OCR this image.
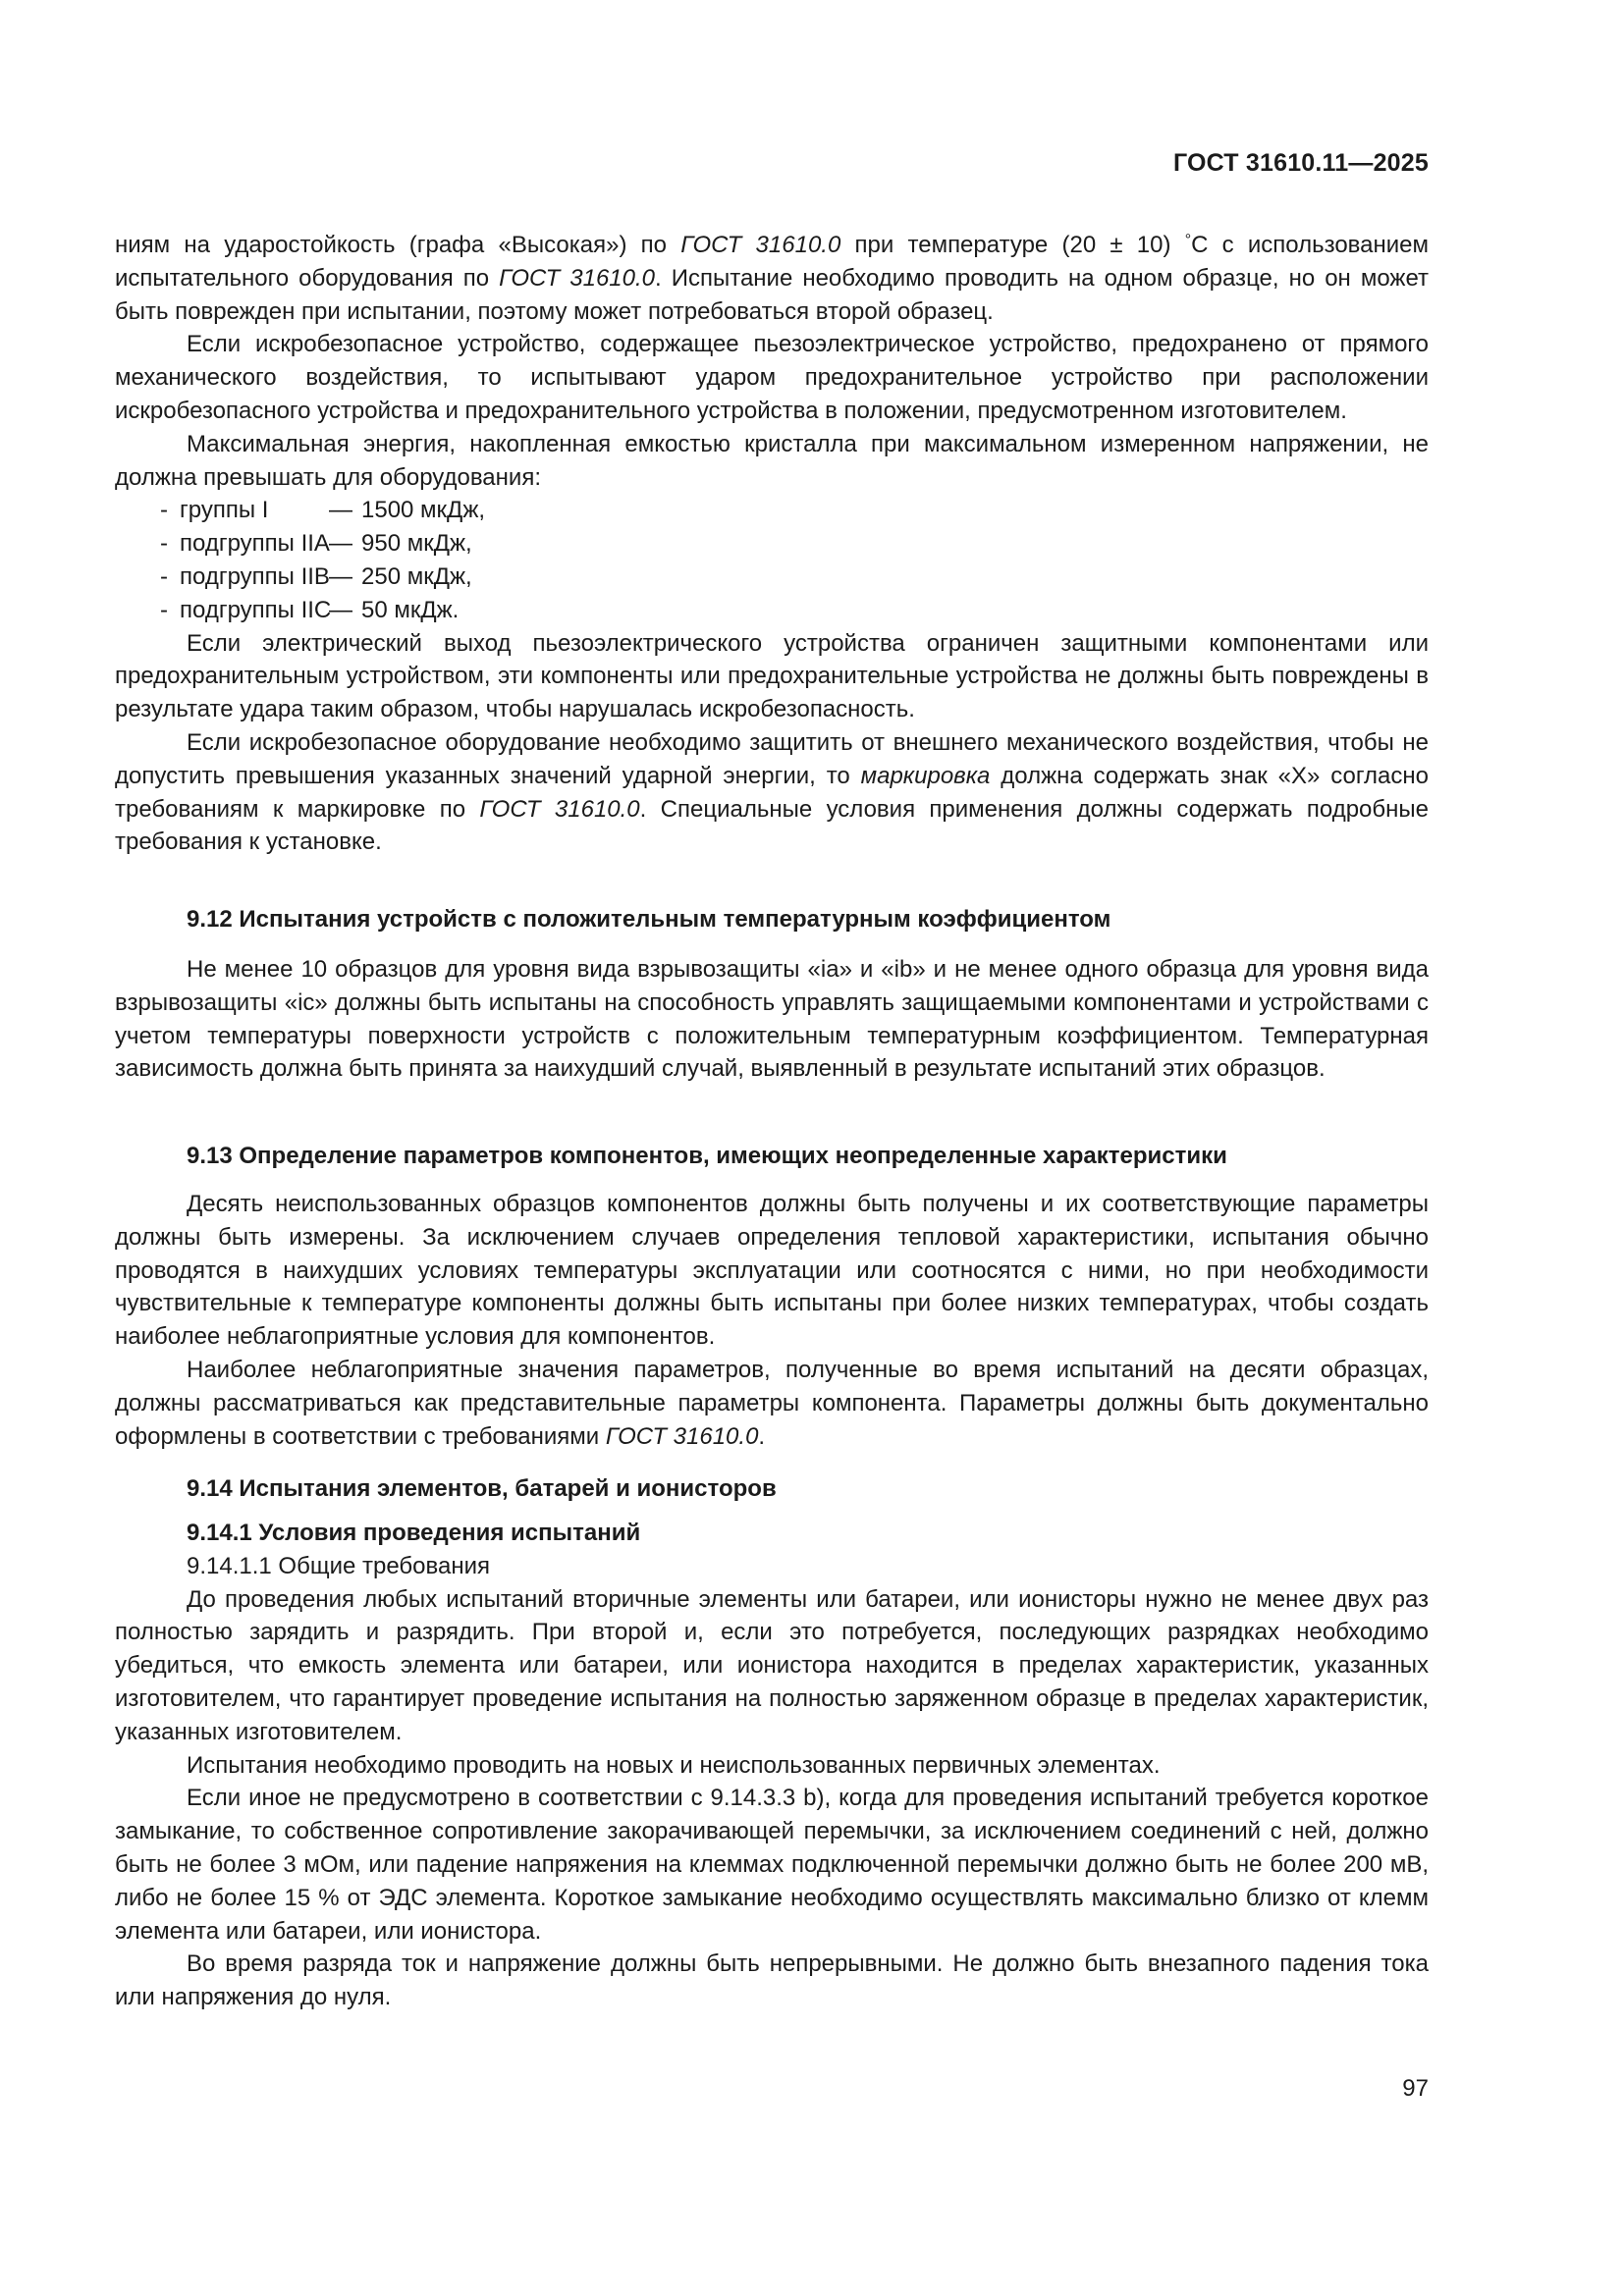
ГОСТ 31610.11—2025

ниям на ударостойкость (графа «Высокая») по ГОСТ 31610.0 при температуре (20 ± 10) °С с использованием испытательного оборудования по ГОСТ 31610.0. Испытание необходимо проводить на одном образце, но он может быть поврежден при испытании, поэтому может потребоваться второй образец.

Если искробезопасное устройство, содержащее пьезоэлектрическое устройство, предохранено от прямого механического воздействия, то испытывают ударом предохранительное устройство при расположении искробезопасного устройства и предохранительного устройства в положении, предусмотренном изготовителем.

Максимальная энергия, накопленная емкостью кристалла при максимальном измеренном напряжении, не должна превышать для оборудования:

- группы I	— 1500 мкДж,
- подгруппы IIA — 950 мкДж,
- подгруппы IIB — 250 мкДж,
- подгруппы IIC
— 50 мкДж.

Если электрический выход пьезоэлектрического устройства ограничен защитными компонентами или предохранительным устройством, эти компоненты или предохранительные устройства не должны быть повреждены в результате удара таким образом, чтобы нарушалась искробезопасность.

Если искробезопасное оборудование необходимо защитить от внешнего механического воздействия, чтобы не допустить превышения указанных значений ударной энергии, то маркировка должна содержать знак «Х» согласно требованиям к маркировке по ГОСТ 31610.0. Специальные условия применения должны содержать подробные требования к установке.

9.12 Испытания устройств с положительным температурным коэффициентом

Не менее 10 образцов для уровня вида взрывозащиты «ia» и «ib» и не менее одного образца для уровня вида взрывозащиты «ic» должны быть испытаны на способность управлять защищаемыми компонентами и устройствами с учетом температуры поверхности устройств с положительным температурным коэффициентом. Температурная зависимость должна быть принята за наихудший случай, выявленный в результате испытаний этих образцов.

9.13 Определение параметров компонентов, имеющих неопределенные характеристики

Десять неиспользованных образцов компонентов должны быть получены и их соответствующие параметры должны быть измерены. За исключением случаев определения тепловой характеристики, испытания обычно проводятся в наихудших условиях температуры эксплуатации или соотносятся с ними, но при необходимости чувствительные к температуре компоненты должны быть испытаны при более низких температурах, чтобы создать наиболее неблагоприятные условия для компонентов.

Наиболее неблагоприятные значения параметров, полученные во время испытаний на десяти образцах, должны рассматриваться как представительные параметры компонента. Параметры должны быть документально оформлены в соответствии с требованиями ГОСТ 31610.0.

9.14 Испытания элементов, батарей и ионисторов

9.14.1 Условия проведения испытаний

9.14.1.1 Общие требования

До проведения любых испытаний вторичные элементы или батареи, или ионисторы нужно не менее двух раз полностью зарядить и разрядить. При второй и, если это потребуется, последующих разрядках необходимо убедиться, что емкость элемента или батареи, или ионистора находится в пределах характеристик, указанных изготовителем, что гарантирует проведение испытания на полностью заряженном образце в пределах характеристик, указанных изготовителем.

Испытания необходимо проводить на новых и неиспользованных первичных элементах.

Если иное не предусмотрено в соответствии с 9.14.3.3 b), когда для проведения испытаний требуется короткое замыкание, то собственное сопротивление закорачивающей перемычки, за исключением соединений с ней, должно быть не более 3 мОм, или падение напряжения на клеммах подключенной перемычки должно быть не более 200 мВ, либо не более 15 % от ЭДС элемента. Короткое замыкание необходимо осуществлять максимально близко от клемм элемента или батареи, или ионистора.

Во время разряда ток и напряжение должны быть непрерывными. Не должно быть внезапного падения тока или напряжения до нуля.

97
